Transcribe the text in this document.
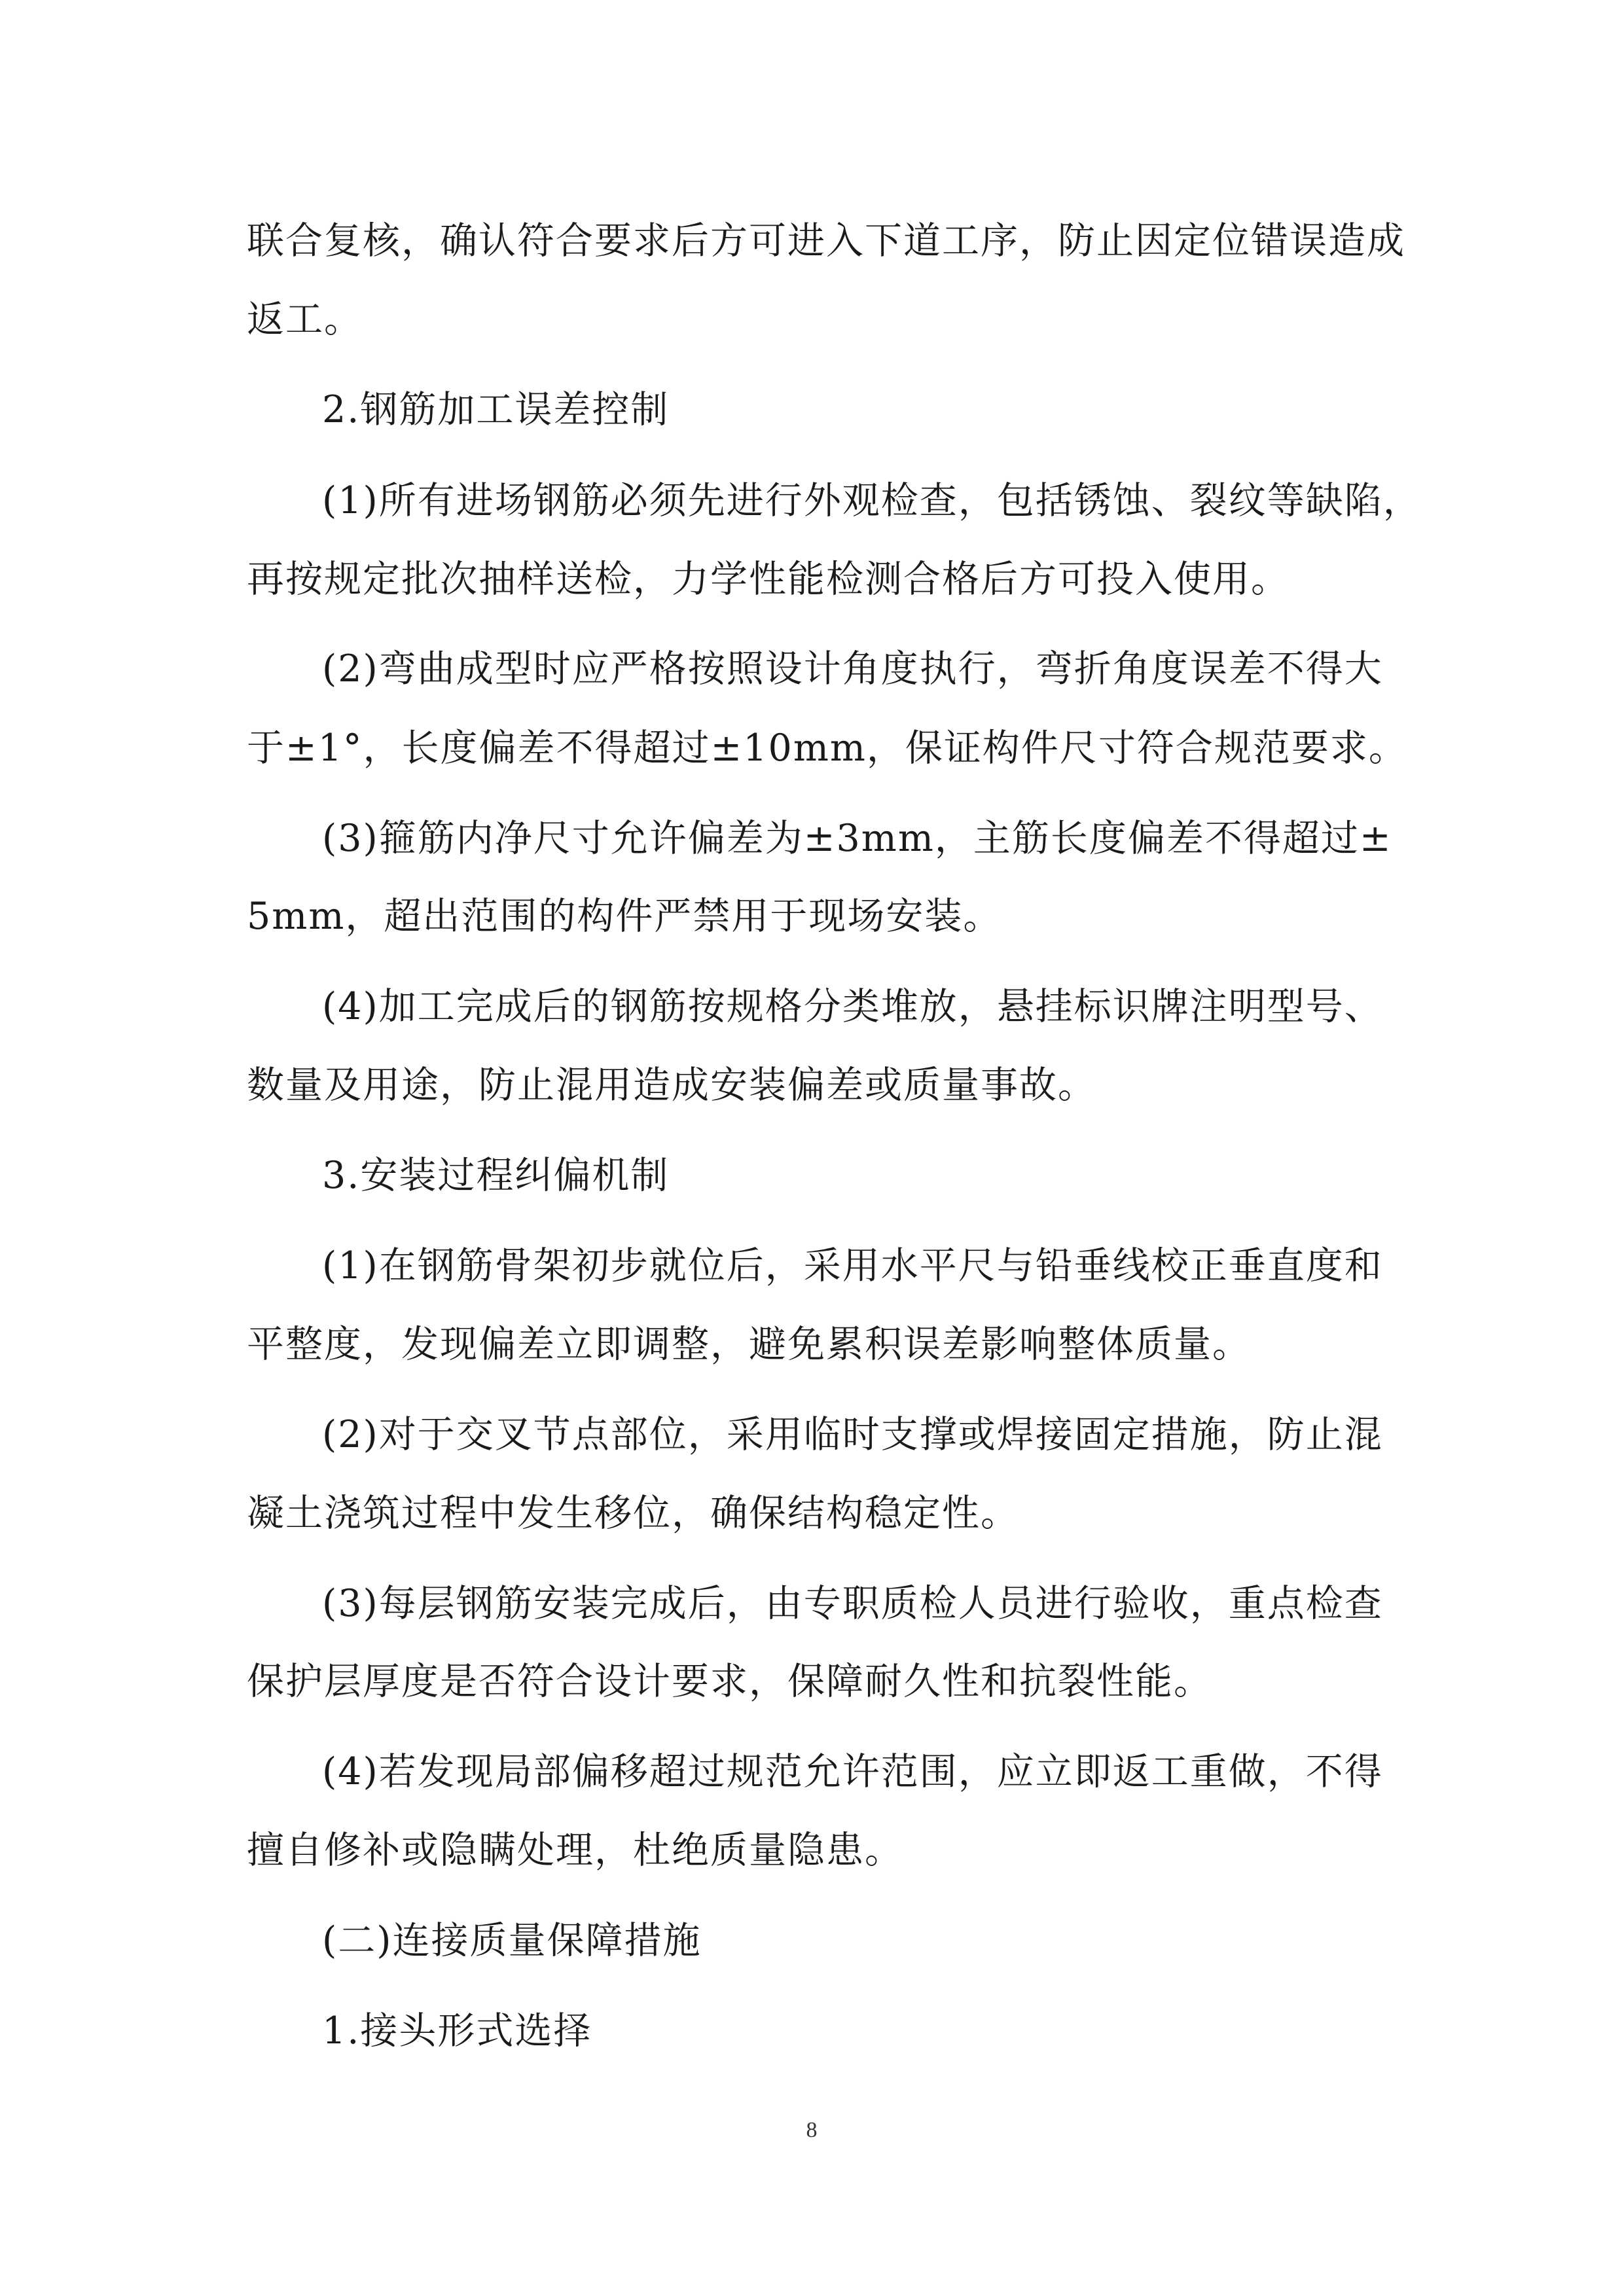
联合复核，确认符合要求后方可进入下道工序，防止因定位错误造成
返工。
2.钢筋加工误差控制
(1)所有进场钢筋必须先进行外观检查，包括锈蚀、裂纹等缺陷，
再按规定批次抽样送检，力学性能检测合格后方可投入使用。
(2)弯曲成型时应严格按照设计角度执行，弯折角度误差不得大
于±1°，长度偏差不得超过±10mm，保证构件尺寸符合规范要求。
(3)箍筋内净尺寸允许偏差为±3mm，主筋长度偏差不得超过±
5mm，超出范围的构件严禁用于现场安装。
(4)加工完成后的钢筋按规格分类堆放，悬挂标识牌注明型号、
数量及用途，防止混用造成安装偏差或质量事故。
3.安装过程纠偏机制
(1)在钢筋骨架初步就位后，采用水平尺与铅垂线校正垂直度和
平整度，发现偏差立即调整，避免累积误差影响整体质量。
(2)对于交叉节点部位，采用临时支撑或焊接固定措施，防止混
凝土浇筑过程中发生移位，确保结构稳定性。
(3)每层钢筋安装完成后，由专职质检人员进行验收，重点检查
保护层厚度是否符合设计要求，保障耐久性和抗裂性能。
(4)若发现局部偏移超过规范允许范围，应立即返工重做，不得
擅自修补或隐瞒处理，杜绝质量隐患。
(二)连接质量保障措施
1.接头形式选择
8
